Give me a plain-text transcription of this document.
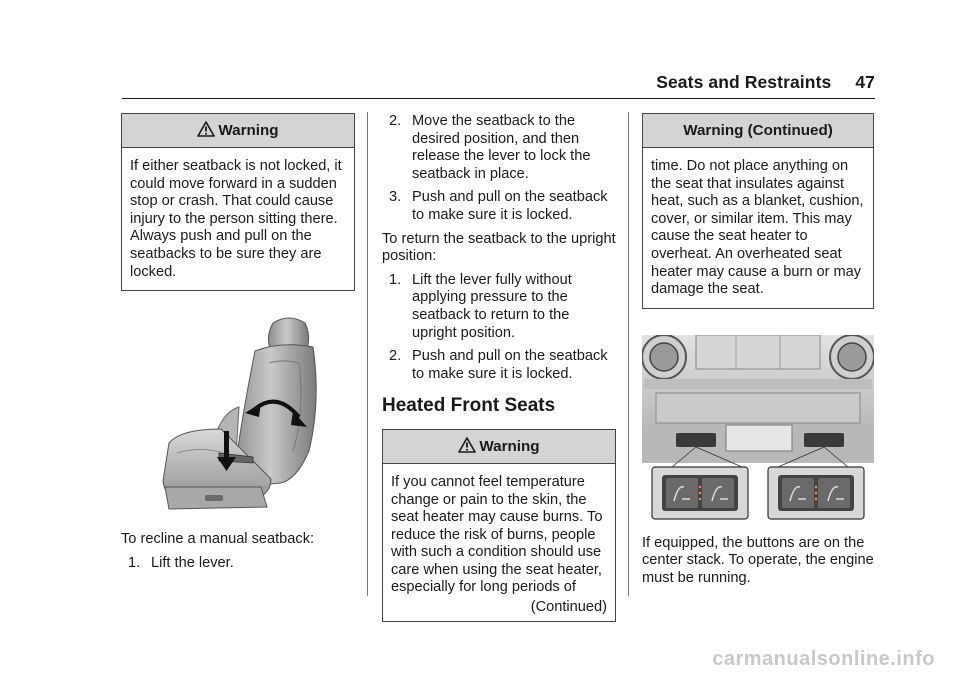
Seats and Restraints 47
Warning
If either seatback is not locked, it could move forward in a sudden stop or crash. That could cause injury to the person sitting there. Always push and pull on the seatbacks to be sure they are locked.

To recline a manual seatback:

1. Lift the lever.
2. Move the seatback to the desired position, and then release the lever to lock the seatback in place.
3. Push and pull on the seatback to make sure it is locked.

To return the seatback to the upright position:

1. Lift the lever fully without applying pressure to the seatback to return to the upright position.
2. Push and pull on the seatback to make sure it is locked.
Heated Front Seats
Warning
If you cannot feel temperature change or pain to the skin, the seat heater may cause burns. To reduce the risk of burns, people with such a condition should use care when using the seat heater, especially for long periods of
(Continued)
Warning (Continued)
time. Do not place anything on the seat that insulates against heat, such as a blanket, cushion, cover, or similar item. This may cause the seat heater to overheat. An overheated seat heater may cause a burn or may damage the seat.

If equipped, the buttons are on the center stack. To operate, the engine must be running.

carmanualsonline.info
